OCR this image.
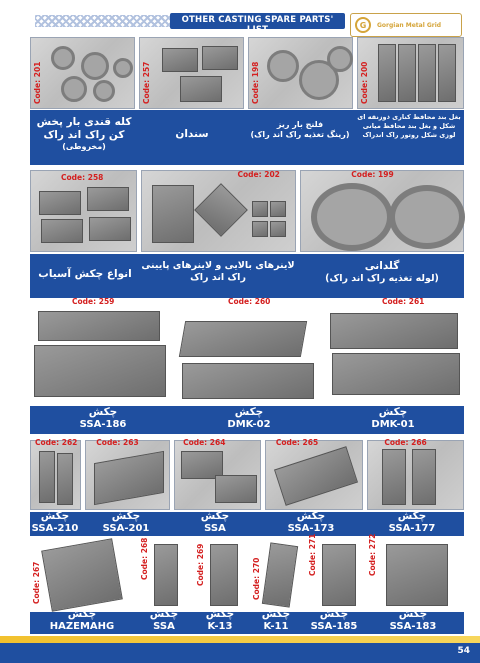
OTHER CASTING SPARE PARTS' LIST	G	Gorgian Metal Grid
Code: 201	Code: 257	Code: 198	Code: 200
کله قندی بار پخش کن راک اند راک
(مخروطی)
سندان
فلنج بار ریز
(رینگ تغذیه راک اند راک)
بغل بند محافظ کناری ذوزنقه ای شکل و بغل بند محافظ میانی لوزی شکل روتور راک اندراک
Code: 258	Code: 202	Code: 199
انواع چکش آسیاب
لاینرهای بالایی و لاینرهای پایینی راک اند راک
گلدانی
(لوله تغذیه راک اند راک)
Code: 259	Code: 260	Code: 261
چکش
SSA-186
چکش
DMK-02
چکش
DMK-01
Code: 262	Code: 263	Code: 264	Code: 265	Code: 266
چکش
SSA-210
چکش
SSA-201
چکش
SSA
چکش
SSA-173
چکش
SSA-177
Code: 267
Code: 268	Code: 269	Code: 270
Code: 271	Code: 272
چکش
HAZEMAHG
چکش
SSA
چکش
K-13
چکش
K-11
چکش
SSA-185
چکش
SSA-183
54
